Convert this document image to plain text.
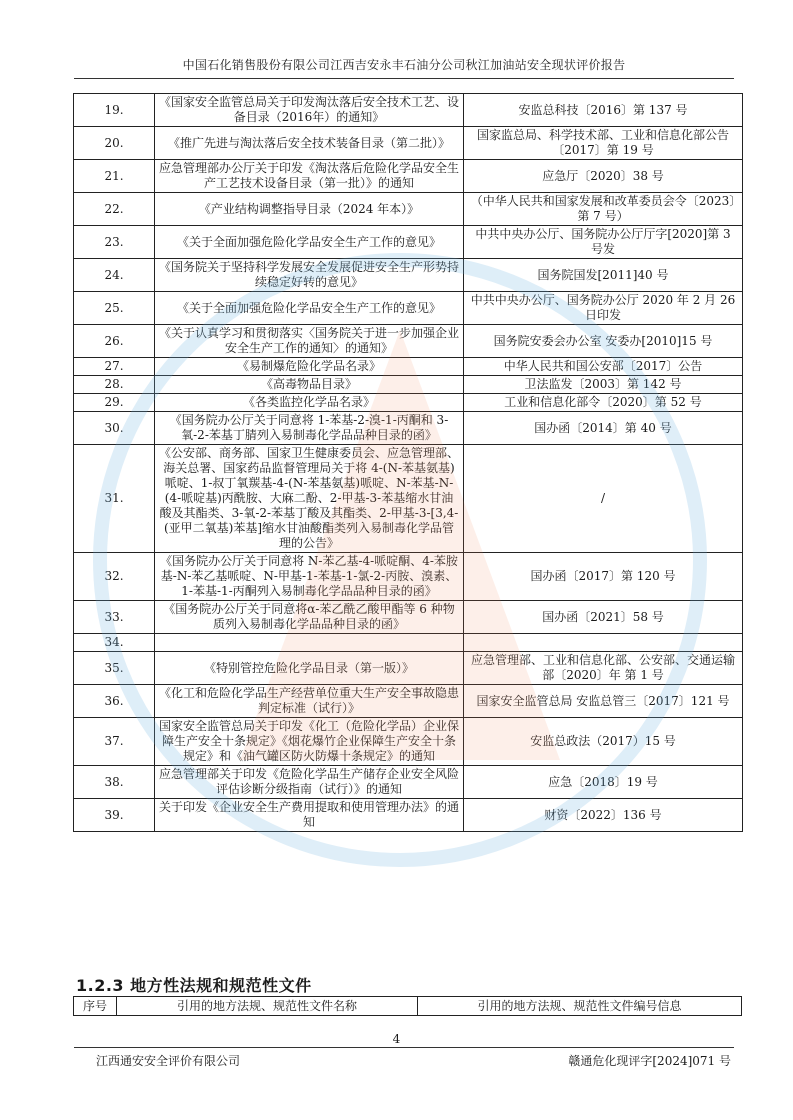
中国石化销售股份有限公司江西吉安永丰石油分公司秋江加油站安全现状评价报告
19.	《国家安全监管总局关于印发淘汰落后安全技术工艺、设备目录（2016年）的通知》	安监总科技〔2016〕第 137 号
20.	《推广先进与淘汰落后安全技术装备目录（第二批）》	国家监总局、科学技术部、工业和信息化部公告〔2017〕第 19 号
21.	应急管理部办公厅关于印发《淘汰落后危险化学品安全生产工艺技术设备目录（第一批）》的通知	应急厅〔2020〕38 号
22.	《产业结构调整指导目录（2024 年本）》	（中华人民共和国家发展和改革委员会令〔2023〕第 7 号）
23.	《关于全面加强危险化学品安全生产工作的意见》	中共中央办公厅、国务院办公厅厅字[2020]第 3 号发
24.	《国务院关于坚持科学发展安全发展促进安全生产形势持续稳定好转的意见》	国务院国发[2011]40 号
25.	《关于全面加强危险化学品安全生产工作的意见》	中共中央办公厅、国务院办公厅 2020 年 2 月 26 日印发
26.	《关于认真学习和贯彻落实〈国务院关于进一步加强企业安全生产工作的通知〉的通知》	国务院安委会办公室 安委办[2010]15 号
27.	《易制爆危险化学品名录》	中华人民共和国公安部〔2017〕公告
28.	《高毒物品目录》	卫法监发〔2003〕第 142 号
29.	《各类监控化学品名录》	工业和信息化部令〔2020〕第 52 号
30.	《国务院办公厅关于同意将 1-苯基-2-溴-1-丙酮和 3-氧-2-苯基丁腈列入易制毒化学品品种目录的函》	国办函〔2014〕第 40 号
31.	《公安部、商务部、国家卫生健康委员会、应急管理部、海关总署、国家药品监督管理局关于将 4-(N-苯基氨基)哌啶、1-叔丁氧羰基-4-(N-苯基氨基)哌啶、N-苯基-N-(4-哌啶基)丙酰胺、大麻二酚、2-甲基-3-苯基缩水甘油酸及其酯类、3-氧-2-苯基丁酸及其酯类、2-甲基-3-[3,4-(亚甲二氧基)苯基]缩水甘油酸酯类列入易制毒化学品管理的公告》	/
32.	《国务院办公厅关于同意将 N-苯乙基-4-哌啶酮、4-苯胺基-N-苯乙基哌啶、N-甲基-1-苯基-1-氯-2-丙胺、溴素、1-苯基-1-丙酮列入易制毒化学品品种目录的函》	国办函〔2017〕第 120 号
33.	《国务院办公厅关于同意将α-苯乙酰乙酸甲酯等 6 种物质列入易制毒化学品品种目录的函》	国办函〔2021〕58 号
34.		
35.	《特别管控危险化学品目录（第一版）》	应急管理部、工业和信息化部、公安部、交通运输部〔2020〕年 第 1 号
36.	《化工和危险化学品生产经营单位重大生产安全事故隐患判定标准（试行）》	国家安全监管总局 安监总管三〔2017〕121 号
37.	国家安全监管总局关于印发《化工（危险化学品）企业保障生产安全十条规定》《烟花爆竹企业保障生产安全十条规定》和《油气罐区防火防爆十条规定》的通知	安监总政法（2017）15 号
38.	应急管理部关于印发《危险化学品生产储存企业安全风险评估诊断分级指南（试行）》的通知	应急〔2018〕19 号
39.	关于印发《企业安全生产费用提取和使用管理办法》的通知	财资〔2022〕136 号
1.2.3 地方性法规和规范性文件
序号	引用的地方法规、规范性文件名称	引用的地方法规、规范性文件编号信息
4
江西通安安全评价有限公司	赣通危化现评字[2024]071 号
